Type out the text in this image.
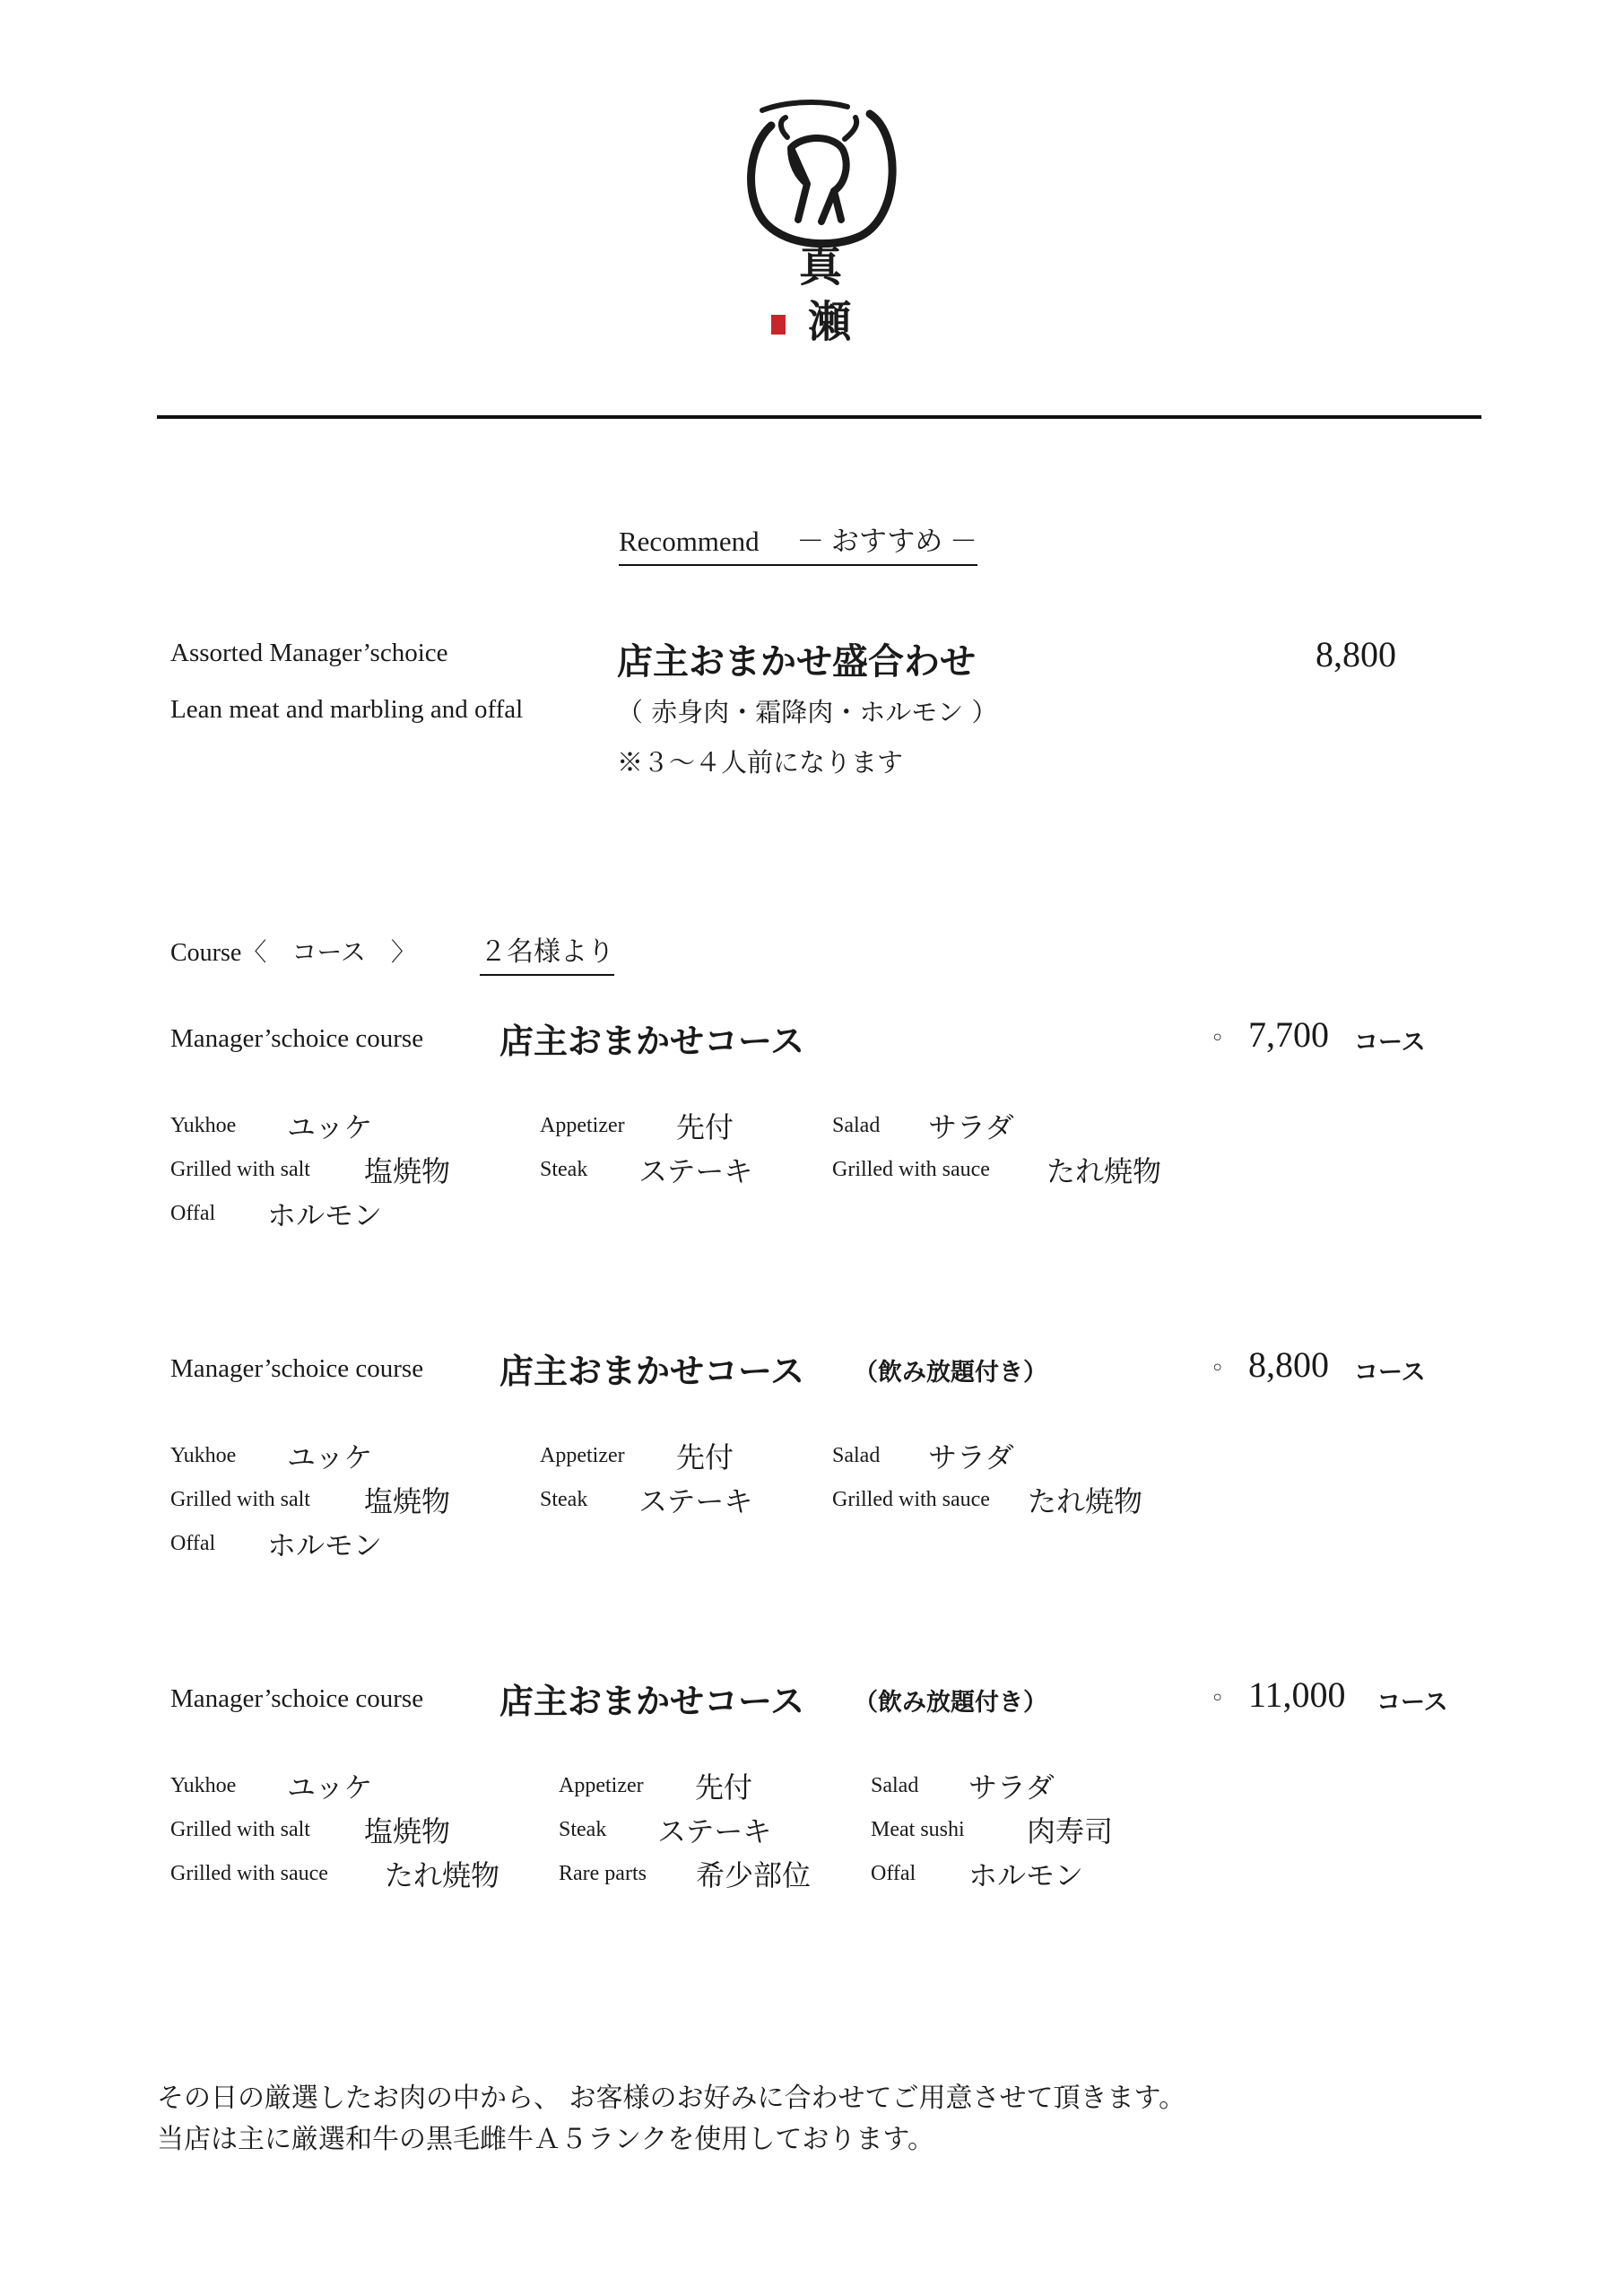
真
瀬
Recommend － おすすめ －
Assorted Manager’schoice
Lean meat and marbling and offal
店主おまかせ盛合わせ
（ 赤身肉・霜降肉・ホルモン ）
※３～４人前になります
8,800
Course〈　コース　〉 ２名様より
Manager’schoice course 店主おまかせコース	◦ 7,700 コース
Yukhoe ユッケ	Appetizer 先付	Salad サラダ
Grilled with salt 塩焼物	Steak ステーキ	Grilled with sauce たれ焼物
Offal ホルモン
Manager’schoice course 店主おまかせコース （飲み放題付き）	◦ 8,800 コース
Yukhoe ユッケ	Appetizer 先付	Salad サラダ
Grilled with salt 塩焼物	Steak ステーキ	Grilled with sauce たれ焼物
Offal ホルモン
Manager’schoice course 店主おまかせコース （飲み放題付き）	◦ 11,000 コース
Yukhoe ユッケ	Appetizer 先付	Salad サラダ
Grilled with salt 塩焼物	Steak ステーキ	Meat sushi 肉寿司
Grilled with sauce たれ焼物	Rare parts 希少部位	Offal ホルモン
その日の厳選したお肉の中から、 お客様のお好みに合わせてご用意させて頂きます。
当店は主に厳選和牛の黒毛雌牛Ａ５ランクを使用しております。
